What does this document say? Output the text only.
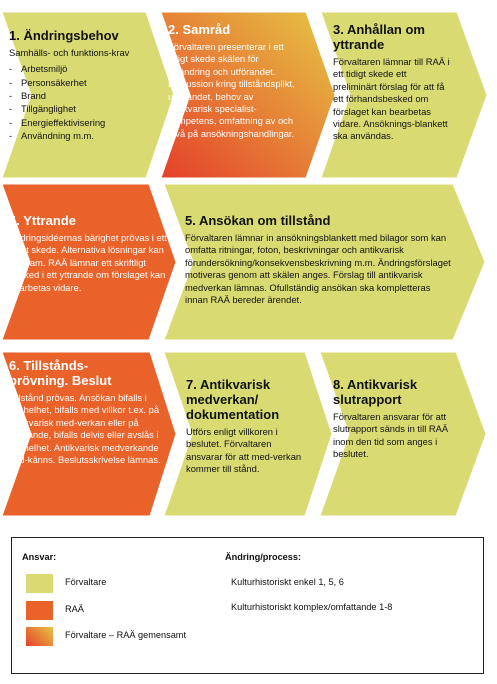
1. Ändringsbehov
Samhälls- och funktions-krav
- Arbetsmiljö
- Personsäkerhet
- Brand
- Tillgänglighet
- Energieffektivisering
- Användning m.m.
2. Samråd
Förvaltaren presenterar i ett tidigt skede skälen för förändring och utförandet. Diskussion kring tillståndsplikt, utförandet, behov av antikvarisk specialist-kompetens, omfattning av och nivå på ansökningshandlingar.
3. Anhållan om yttrande
Förvaltaren lämnar till RAÄ i ett tidigt skede ett preliminärt förslag för att få ett förhandsbesked om förslaget kan bearbetas vidare. Ansöknings-blankett ska användas.
4. Yttrande
Ändringsidéernas bärighet prövas i ett tidigt skede. Alternativa lösningar kan tas fram. RAÄ lämnar ett skriftligt besked i ett yttrande om förslaget kan bearbetas vidare.
5. Ansökan om tillstånd
Förvaltaren lämnar in ansökningsblankett med bilagor som kan omfatta ritningar, foton, beskrivningar och antikvarisk förundersökning/konsekvensbeskrivning m.m. Ändringsförslaget motiveras genom att skälen anges. Förslag till antikvarisk medverkan lämnas. Ofullständig ansökan ska kompletteras innan RAÄ bereder ärendet.
6. Tillstånds-prövning. Beslut
Tillstånd prövas. Ansökan bifalls i sin helhet, bifalls med villkor t.ex. på antikvarisk med-verkan eller på utförande, bifalls delvis eller avslås i sin helhet. Antikvarisk medverkande god-känns. Beslutsskrivelse lämnas.
7. Antikvarisk medverkan/ dokumentation
Utförs enligt villkoren i beslutet. Förvaltaren ansvarar för att med-verkan kommer till stånd.
8. Antikvarisk slutrapport
Förvaltaren ansvarar för att slutrapport sänds in till RAÄ inom den tid som anges i beslutet.
Ansvar:
Förvaltare
RAÄ
Förvaltare – RAÄ gemensamt
Ändring/process:
Kulturhistoriskt enkel 1, 5, 6
Kulturhistoriskt komplex/omfattande 1-8
